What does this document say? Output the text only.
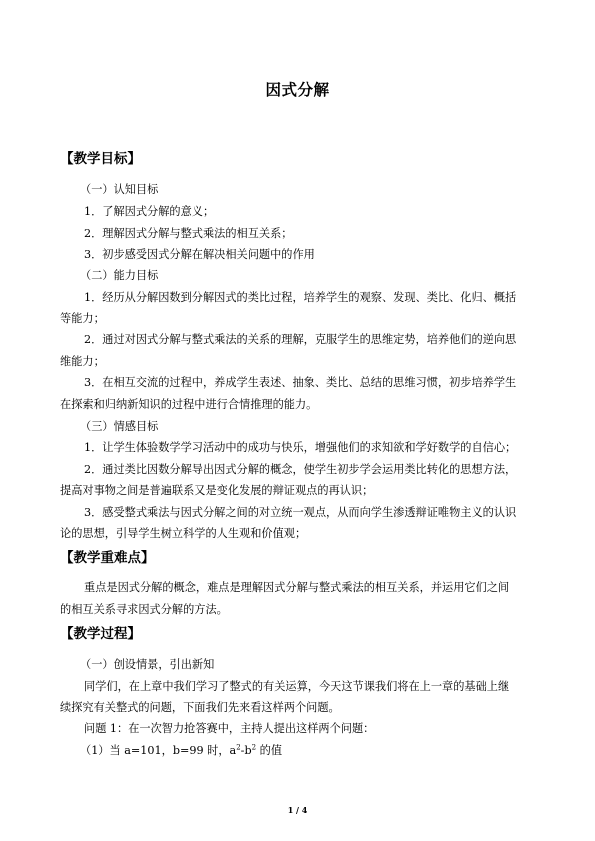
因式分解
【教学目标】
（一）认知目标
1．了解因式分解的意义；
2．理解因式分解与整式乘法的相互关系；
3．初步感受因式分解在解决相关问题中的作用
（二）能力目标
1．经历从分解因数到分解因式的类比过程，培养学生的观察、发现、类比、化归、概括
等能力；
2．通过对因式分解与整式乘法的关系的理解，克服学生的思维定势，培养他们的逆向思
维能力；
3．在相互交流的过程中，养成学生表述、抽象、类比、总结的思维习惯，初步培养学生
在探索和归纳新知识的过程中进行合情推理的能力。
（三）情感目标
1．让学生体验数学学习活动中的成功与快乐，增强他们的求知欲和学好数学的自信心；
2．通过类比因数分解导出因式分解的概念，使学生初步学会运用类比转化的思想方法，
提高对事物之间是普遍联系又是变化发展的辩证观点的再认识；
3．感受整式乘法与因式分解之间的对立统一观点，从而向学生渗透辩证唯物主义的认识
论的思想，引导学生树立科学的人生观和价值观；
【教学重难点】
重点是因式分解的概念，难点是理解因式分解与整式乘法的相互关系，并运用它们之间
的相互关系寻求因式分解的方法。
【教学过程】
（一）创设情景，引出新知
同学们，在上章中我们学习了整式的有关运算，今天这节课我们将在上一章的基础上继
续探究有关整式的问题，下面我们先来看这样两个问题。
问题 1：在一次智力抢答赛中，主持人提出这样两个问题：
（1）当 a=101，b=99 时，$a^2-b^2$ 的值
1 / 4
